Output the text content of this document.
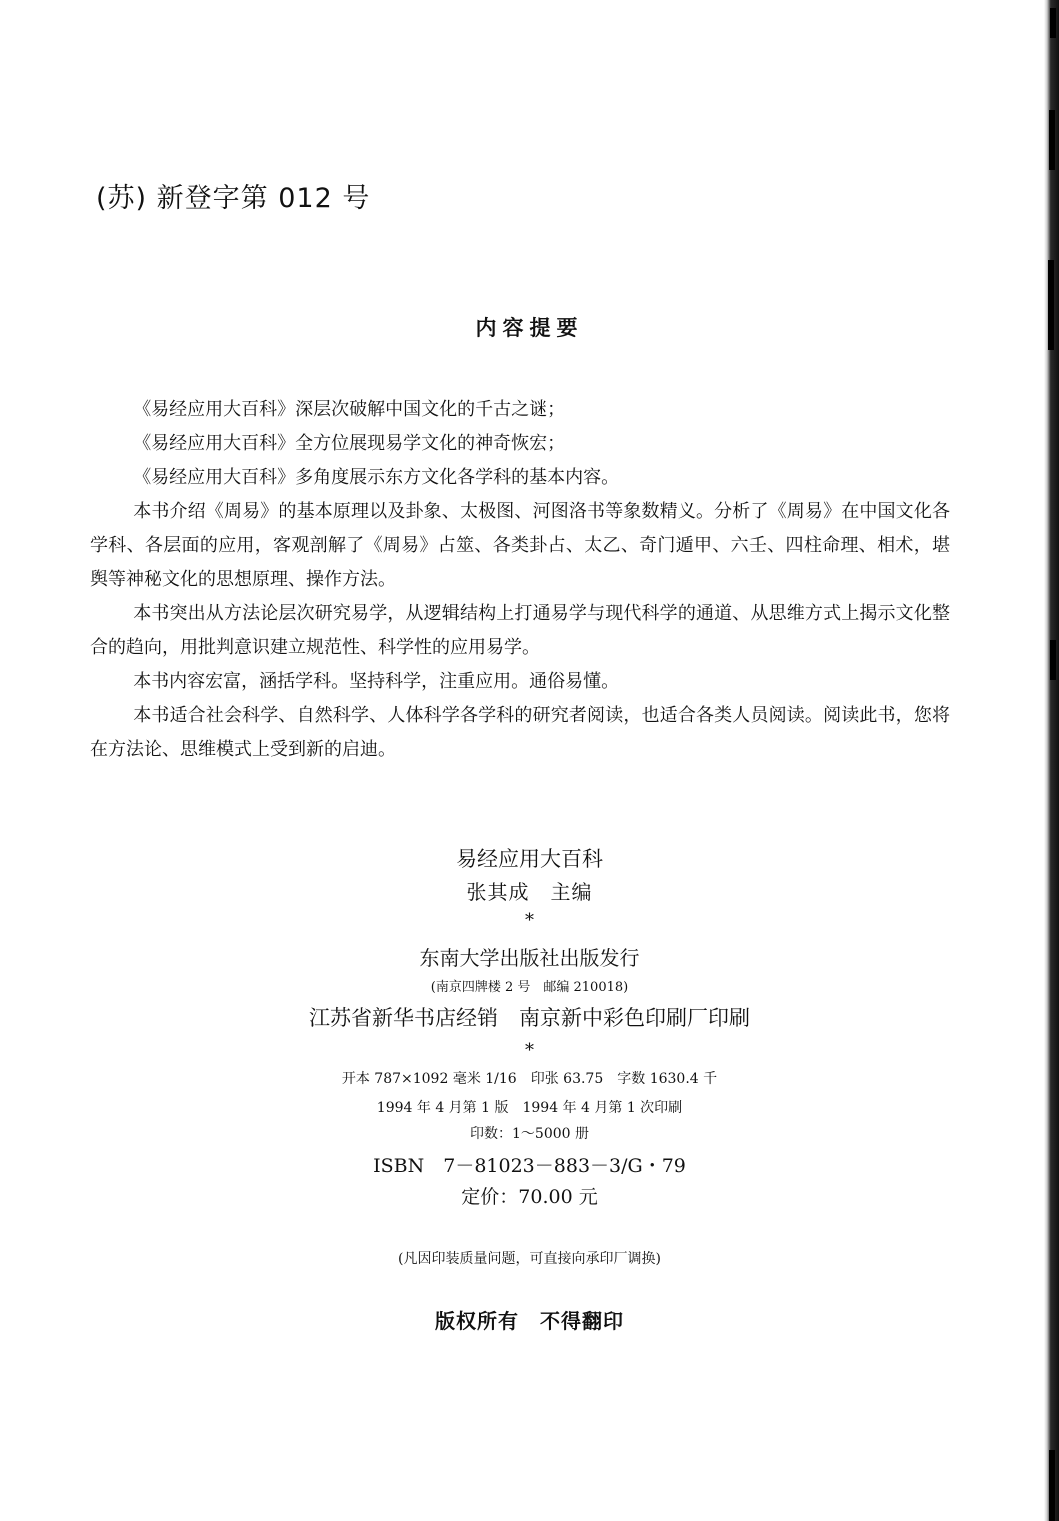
(苏) 新登字第 012 号
内容提要

《易经应用大百科》深层次破解中国文化的千古之谜；

《易经应用大百科》全方位展现易学文化的神奇恢宏；

《易经应用大百科》多角度展示东方文化各学科的基本内容。

本书介绍《周易》的基本原理以及卦象、太极图、河图洛书等象数精义。分析了《周易》在中国文化各学科、各层面的应用，客观剖解了《周易》占筮、各类卦占、太乙、奇门遁甲、六壬、四柱命理、相术，堪舆等神秘文化的思想原理、操作方法。

本书突出从方法论层次研究易学，从逻辑结构上打通易学与现代科学的通道、从思维方式上揭示文化整合的趋向，用批判意识建立规范性、科学性的应用易学。

本书内容宏富，涵括学科。坚持科学，注重应用。通俗易懂。

本书适合社会科学、自然科学、人体科学各学科的研究者阅读，也适合各类人员阅读。阅读此书，您将在方法论、思维模式上受到新的启迪。

易经应用大百科
张其成　主编
*
东南大学出版社出版发行
(南京四牌楼 2 号　邮编 210018)
江苏省新华书店经销　南京新中彩色印刷厂印刷
*
开本 787×1092 毫米 1/16　印张 63.75　字数 1630.4 千
1994 年 4 月第 1 版　1994 年 4 月第 1 次印刷
印数：1～5000 册
ISBN　7－81023－883－3/G・79
定价：70.00 元
(凡因印装质量问题，可直接向承印厂调换)
版权所有　不得翻印
